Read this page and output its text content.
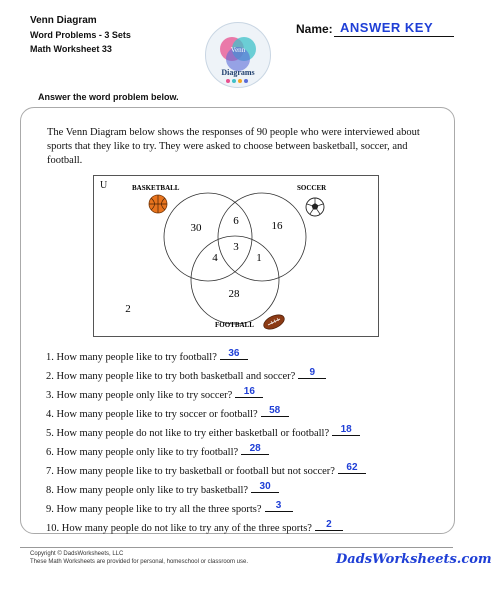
Venn Diagram
Word Problems - 3 Sets
Math Worksheet 33	Venn
Diagrams
Name: ANSWER KEY
Answer the word problem below.
The Venn Diagram below shows the responses of 90 people who were interviewed about sports that they like to try. They were asked to choose between basketball, soccer, and football.
U	BASKETBALL	SOCCER
FOOTBALL
30
6	16
3
4	1
28
2
1. How many people like to try football? 36
2. How many people like to try both basketball and soccer? 9
3. How many people only like to try soccer? 16
4. How many people like to try soccer or football? 58
5. How many people do not like to try either basketball or football? 18
6. How many people only like to try football? 28
7. How many people like to try basketball or football but not soccer? 62
8. How many people only like to try basketball? 30
9. How many people like to try all the three sports? 3
10. How many people do not like to try any of the three sports? 2
Copyright © DadsWorksheets, LLC
These Math Worksheets are provided for personal, homeschool or classroom use.	DadsWorksheets.com
